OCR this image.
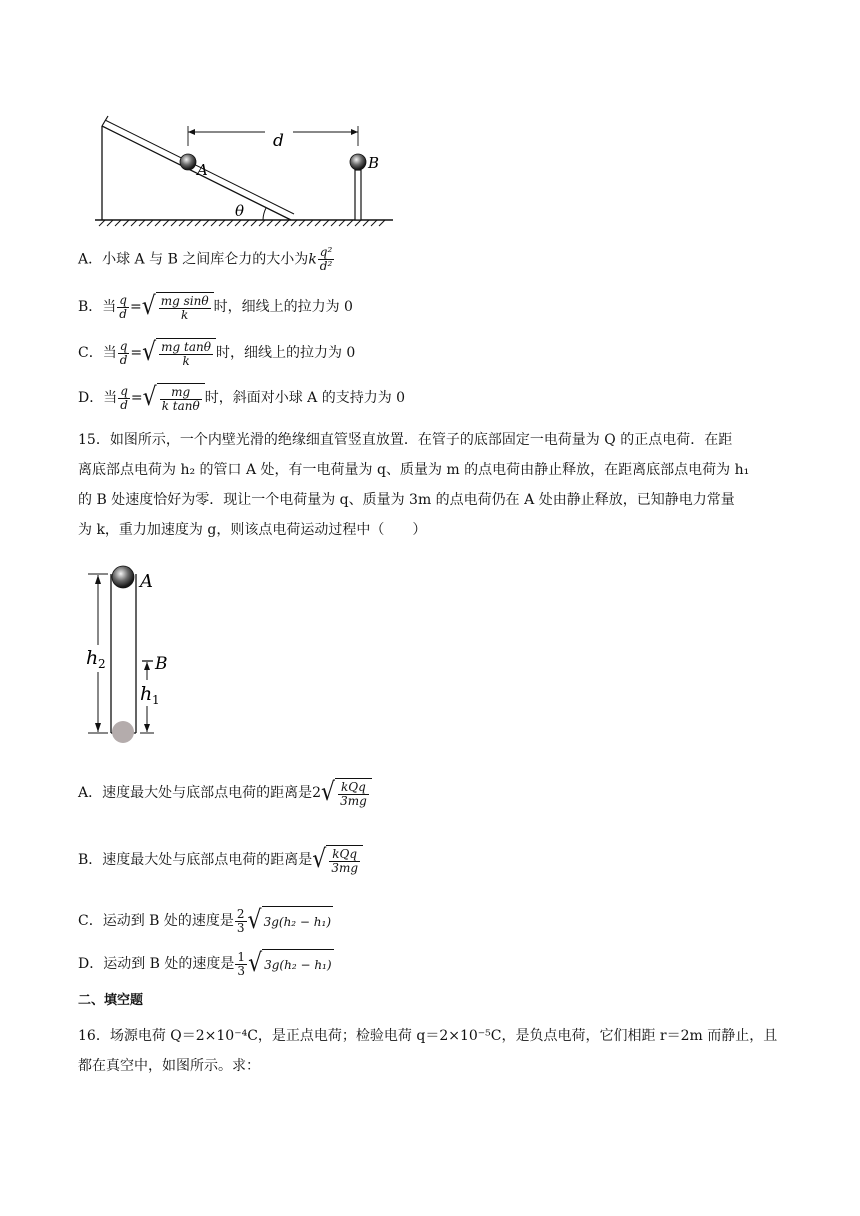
d
A	B
θ
A．小球 A 与 B 之间库仑力的大小为k $\frac{\text{q²}}{\text{d²}}$
B．当 $\frac{q}{d}$ = √ $\frac{\text{mg sinθ}}{k}$ 时，细线上的拉力为 0
C．当 $\frac{q}{d}$ = √ $\frac{\text{mg tanθ}}{k}$ 时，细线上的拉力为 0
D．当 $\frac{q}{d}$ = √ $\frac{mg}{\text{k tanθ}}$ 时，斜面对小球 A 的支持力为 0
15．如图所示，一个内壁光滑的绝缘细直管竖直放置．在管子的底部固定一电荷量为 Q 的正点电荷．在距
离底部点电荷为 h₂ 的管口 A 处，有一电荷量为 q、质量为 m 的点电荷由静止释放，在距离底部点电荷为 h₁
的 B 处速度恰好为零．现让一个电荷量为 q、质量为 3m 的点电荷仍在 A 处由静止释放，已知静电力常量
为 k，重力加速度为 g，则该点电荷运动过程中（　　）
h 2	B
h 1
A
A．速度最大处与底部点电荷的距离是2 √ $\frac{\text{kQq}}{3mg}$
B．速度最大处与底部点电荷的距离是 √ $\frac{\text{kQq}}{3mg}$
C．运动到 B 处的速度是 $\frac{2}{3}$ √ 3g(h₂ − h₁)
D．运动到 B 处的速度是 $\frac{1}{3}$ √ 3g(h₂ − h₁)
二、填空题
16．场源电荷 Q＝2×10⁻⁴C，是正点电荷；检验电荷 q＝2×10⁻⁵C，是负点电荷，它们相距 r＝2m 而静止，且
都在真空中，如图所示。求：
